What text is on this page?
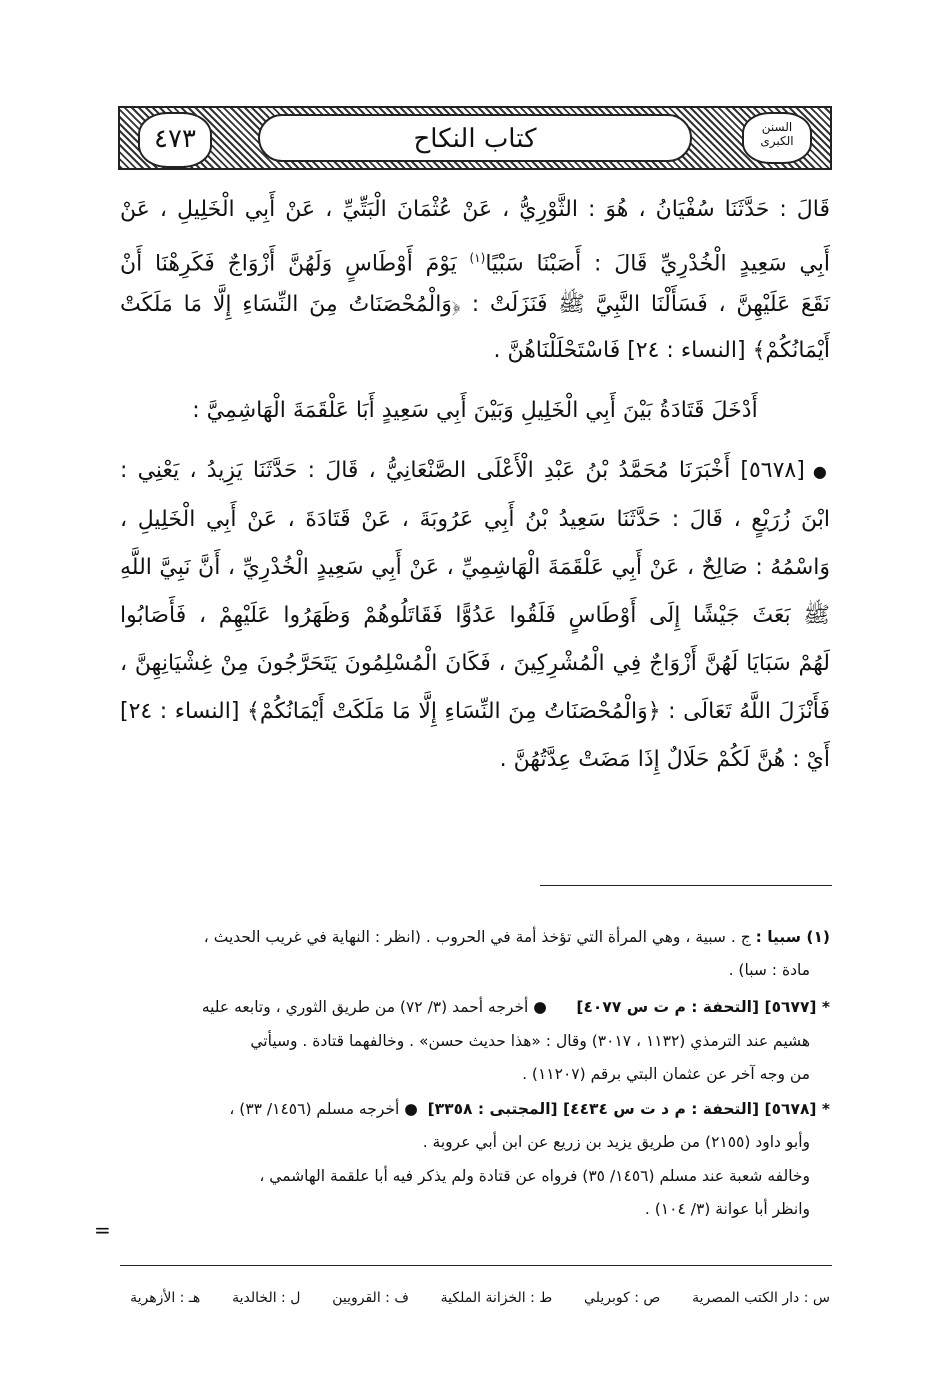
كتاب النكاح
٤٧٣	السنن الكبرى
قَالَ : حَدَّثَنَا سُفْيَانُ ، هُوَ : الثَّوْرِيُّ ، عَنْ عُثْمَانَ الْبَتِّيِّ ، عَنْ أَبِي الْخَلِيلِ ، عَنْ
أَبِي سَعِيدٍ الْخُدْرِيِّ قَالَ : أَصَبْنَا سَبْيًا$^{(١)}$ يَوْمَ أَوْطَاسٍ وَلَهُنَّ أَزْوَاجٌ فَكَرِهْنَا أَنْ
نَقَعَ عَلَيْهِنَّ ، فَسَأَلْنَا النَّبِيَّ ﷺ فَنَزَلَتْ : ﴿وَالْمُحْصَنَاتُ مِنَ النِّسَاءِ إِلَّا مَا مَلَكَتْ
أَيْمَانُكُمْ﴾ [النساء : ٢٤] فَاسْتَحْلَلْنَاهُنَّ .
أَدْخَلَ قَتَادَةُ بَيْنَ أَبِي الْخَلِيلِ وَبَيْنَ أَبِي سَعِيدٍ أَبَا عَلْقَمَةَ الْهَاشِمِيَّ :
●[٥٦٧٨] أَخْبَرَنَا مُحَمَّدُ بْنُ عَبْدِ الْأَعْلَى الصَّنْعَانِيُّ ، قَالَ : حَدَّثَنَا يَزِيدُ ، يَعْنِي :
ابْنَ زُرَيْعٍ ، قَالَ : حَدَّثَنَا سَعِيدُ بْنُ أَبِي عَرُوبَةَ ، عَنْ قَتَادَةَ ، عَنْ أَبِي الْخَلِيلِ ،
وَاسْمُهُ : صَالِحٌ ، عَنْ أَبِي عَلْقَمَةَ الْهَاشِمِيِّ ، عَنْ أَبِي سَعِيدٍ الْخُدْرِيِّ ، أَنَّ نَبِيَّ اللَّهِ
ﷺ بَعَثَ جَيْشًا إِلَى أَوْطَاسٍ فَلَقُوا عَدُوًّا فَقَاتَلُوهُمْ وَظَهَرُوا عَلَيْهِمْ ، فَأَصَابُوا
لَهُمْ سَبَايَا لَهُنَّ أَزْوَاجٌ فِي الْمُشْرِكِينَ ، فَكَانَ الْمُسْلِمُونَ يَتَحَرَّجُونَ مِنْ غِشْيَانِهِنَّ ،
فَأَنْزَلَ اللَّهُ تَعَالَى : ﴿وَالْمُحْصَنَاتُ مِنَ النِّسَاءِ إِلَّا مَا مَلَكَتْ أَيْمَانُكُمْ﴾ [النساء : ٢٤]
أَيْ : هُنَّ لَكُمْ حَلَالٌ إِذَا مَضَتْ عِدَّتُهُنَّ .
(١) سبيا : ج . سبية ، وهي المرأة التي تؤخذ أمة في الحروب . (انظر : النهاية في غريب الحديث ،
مادة : سبا) .
* [٥٦٧٧] [التحفة : م ت س ٤٠٧٧]      ● أخرجه أحمد (٣/ ٧٢) من طريق الثوري ، وتابعه عليه
هشيم عند الترمذي (١١٣٢ ، ٣٠١٧) وقال : «هذا حديث حسن» . وخالفهما قتادة . وسيأتي
من وجه آخر عن عثمان البتي برقم (١١٢٠٧) .
* [٥٦٧٨] [التحفة : م د ت س ٤٤٣٤] [المجتبى : ٣٣٥٨]  ● أخرجه مسلم (١٤٥٦/ ٣٣) ،
وأبو داود (٢١٥٥) من طريق يزيد بن زريع عن ابن أبي عروبة .
وخالفه شعبة عند مسلم (١٤٥٦/ ٣٥) فرواه عن قتادة ولم يذكر فيه أبا علقمة الهاشمي ،
وانظر أبا عوانة (٣/ ١٠٤) .
=
س : دار الكتب المصرية
ص : كوبريلي
ط : الخزانة الملكية
ف : القرويين
ل : الخالدية
هـ : الأزهرية
